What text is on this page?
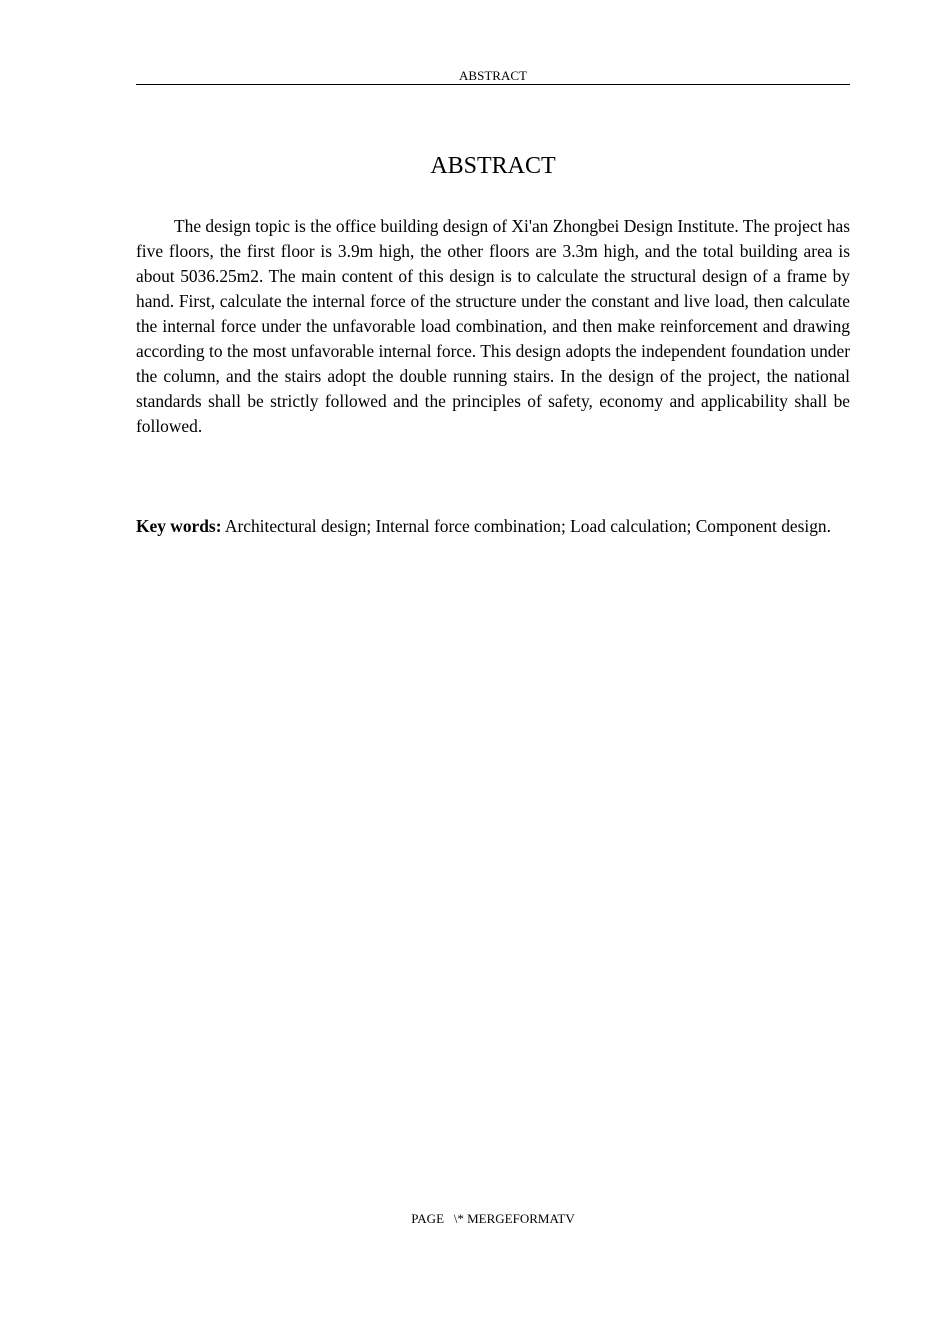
ABSTRACT
ABSTRACT

The design topic is the office building design of Xi'an Zhongbei Design Institute. The project has five floors, the first floor is 3.9m high, the other floors are 3.3m high, and the total building area is about 5036.25m2. The main content of this design is to calculate the structural design of a frame by hand. First, calculate the internal force of the structure under the constant and live load, then calculate the internal force under the unfavorable load combination, and then make reinforcement and drawing according to the most unfavorable internal force. This design adopts the independent foundation under the column, and the stairs adopt the double running stairs. In the design of the project, the national standards shall be strictly followed and the principles of safety, economy and applicability shall be followed.

Key words: Architectural design; Internal force combination; Load calculation; Component design.

PAGE   \* MERGEFORMATV
